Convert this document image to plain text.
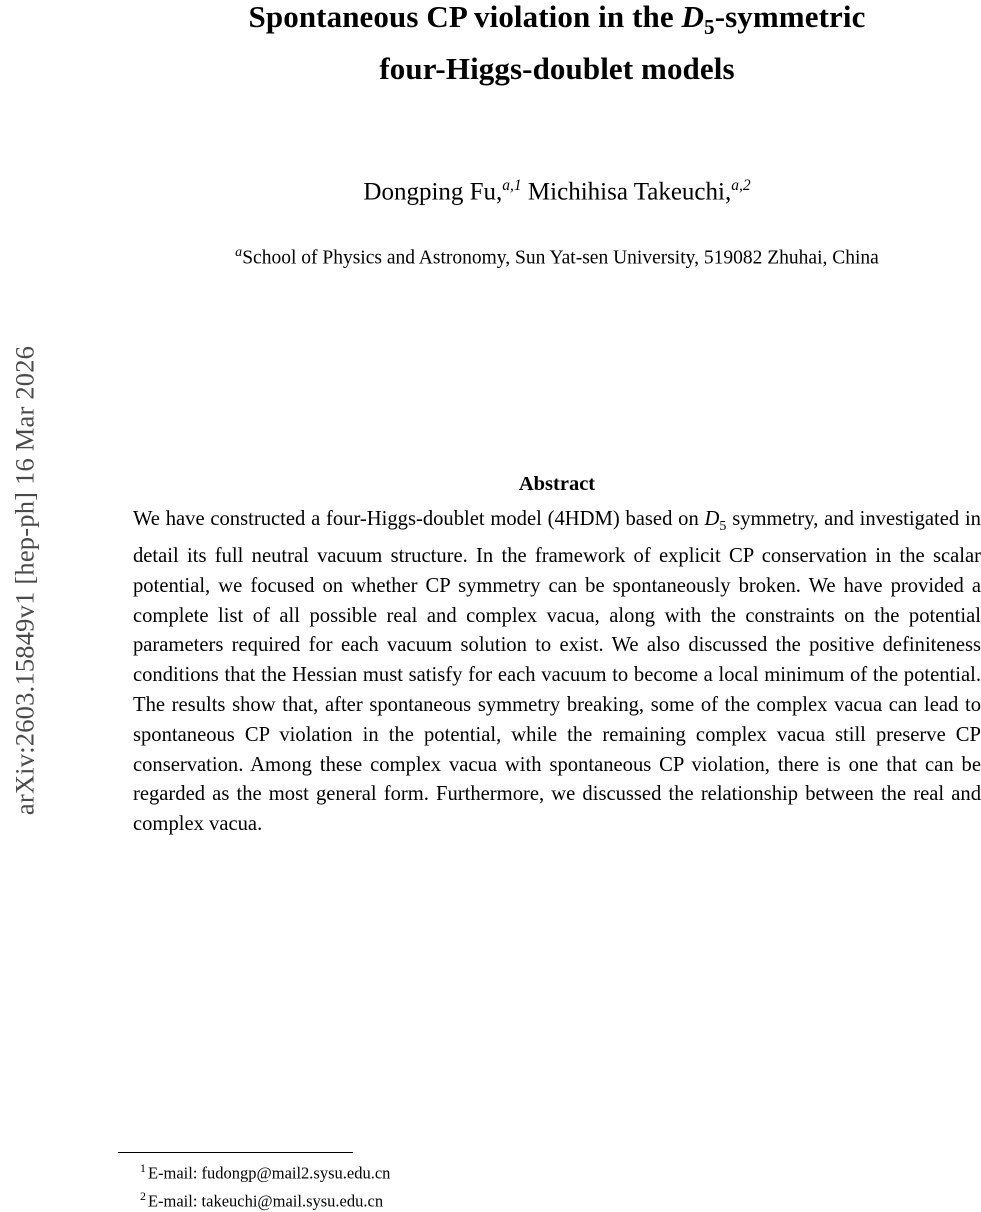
arXiv:2603.15849v1 [hep-ph] 16 Mar 2026
Spontaneous CP violation in the $D_5$-symmetric
four-Higgs-doublet models
Dongping Fu,$^{a,1}$ Michihisa Takeuchi,$^{a,2}$
$^a$School of Physics and Astronomy, Sun Yat-sen University, 519082 Zhuhai, China
Abstract
We have constructed a four-Higgs-doublet model (4HDM) based on $D_5$ symmetry, and investigated in detail its full neutral vacuum structure. In the framework of explicit CP conservation in the scalar potential, we focused on whether CP symmetry can be spontaneously broken. We have provided a complete list of all possible real and complex vacua, along with the constraints on the potential parameters required for each vacuum solution to exist. We also discussed the positive definiteness conditions that the Hessian must satisfy for each vacuum to become a local minimum of the potential. The results show that, after spontaneous symmetry breaking, some of the complex vacua can lead to spontaneous CP violation in the potential, while the remaining complex vacua still preserve CP conservation. Among these complex vacua with spontaneous CP violation, there is one that can be regarded as the most general form. Furthermore, we discussed the relationship between the real and complex vacua.
$^1$ E-mail: fudongp@mail2.sysu.edu.cn
$^2$ E-mail: takeuchi@mail.sysu.edu.cn
